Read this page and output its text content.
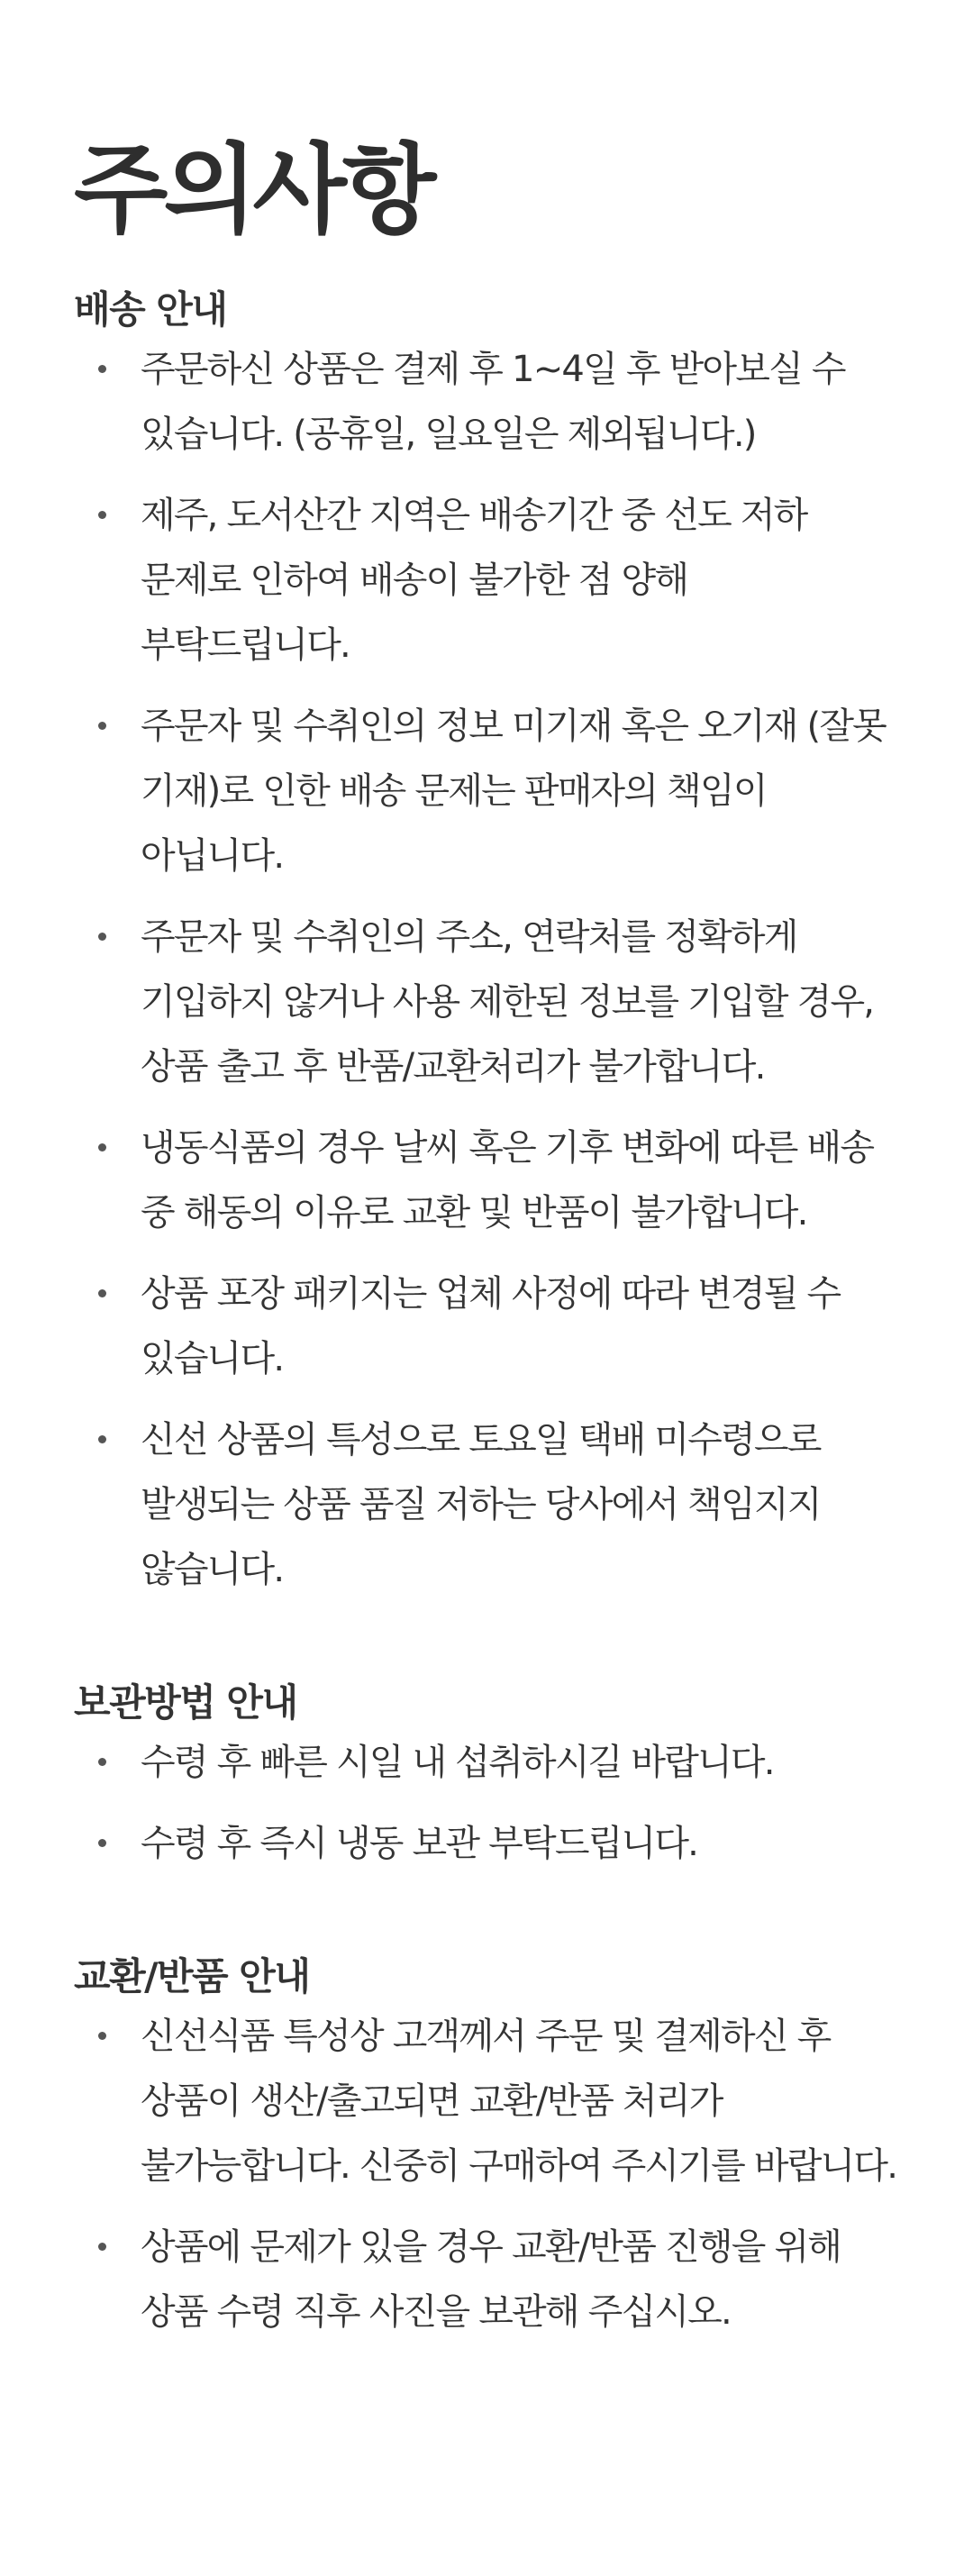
주의사항
배송 안내
주문하신 상품은 결제 후 1~4일 후 받아보실 수 있습니다. (공휴일, 일요일은 제외됩니다.)
제주, 도서산간 지역은 배송기간 중 선도 저하 문제로 인하여 배송이 불가한 점 양해 부탁드립니다.
주문자 및 수취인의 정보 미기재 혹은 오기재 (잘못 기재)로 인한 배송 문제는 판매자의 책임이 아닙니다.
주문자 및 수취인의 주소, 연락처를 정확하게 기입하지 않거나 사용 제한된 정보를 기입할 경우, 상품 출고 후 반품/교환처리가 불가합니다.
냉동식품의 경우 날씨 혹은 기후 변화에 따른 배송 중 해동의 이유로 교환 및 반품이 불가합니다.
상품 포장 패키지는 업체 사정에 따라 변경될 수 있습니다.
신선 상품의 특성으로 토요일 택배 미수령으로 발생되는 상품 품질 저하는 당사에서 책임지지 않습니다.
보관방법 안내
수령 후 빠른 시일 내 섭취하시길 바랍니다.
수령 후 즉시 냉동 보관 부탁드립니다.
교환/반품 안내
신선식품 특성상 고객께서 주문 및 결제하신 후 상품이 생산/출고되면 교환/반품 처리가 불가능합니다. 신중히 구매하여 주시기를 바랍니다.
상품에 문제가 있을 경우 교환/반품 진행을 위해 상품 수령 직후 사진을 보관해 주십시오.
